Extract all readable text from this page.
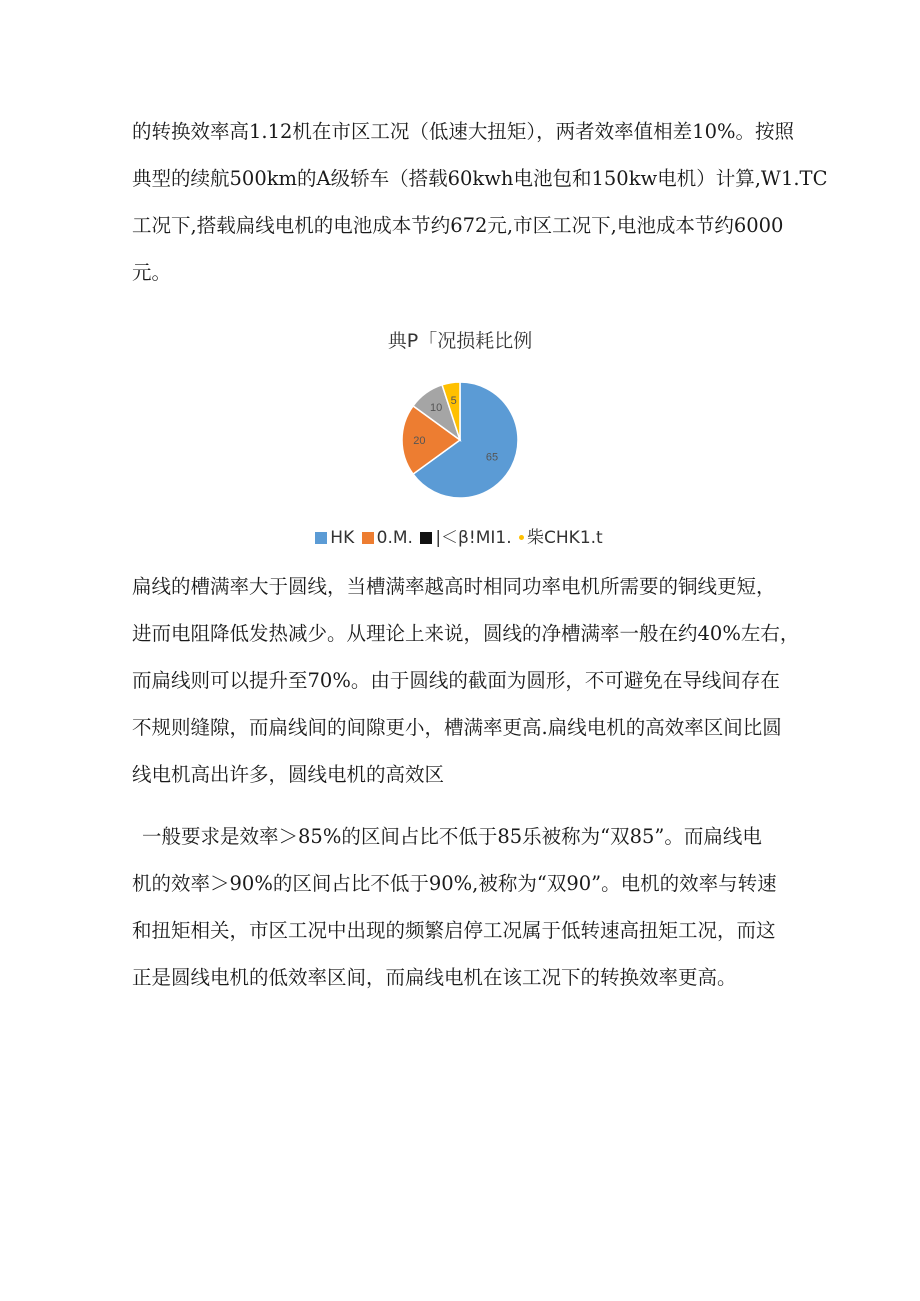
的转换效率高1.12机在市区工况（低速大扭矩），两者效率值相差10%。按照
典型的续航500km的A级轿车（搭载60kwh电池包和150kw电机）计算,W1.TC
工况下,搭载扁线电机的电池成本节约672元,市区工况下,电池成本节约6000
元。
典P「况损耗比例
65
20
10
5
HK 0.M. |＜β!MI1. 柴CHK1.t
扁线的槽满率大于圆线，当槽满率越高时相同功率电机所需要的铜线更短，
进而电阻降低发热减少。从理论上来说，圆线的净槽满率一般在约40%左右，
而扁线则可以提升至70%。由于圆线的截面为圆形，不可避免在导线间存在
不规则缝隙，而扁线间的间隙更小，槽满率更高.扁线电机的高效率区间比圆
线电机高出许多，圆线电机的高效区
一般要求是效率＞85%的区间占比不低于85乐被称为“双85”。而扁线电
机的效率＞90%的区间占比不低于90%,被称为“双90”。电机的效率与转速
和扭矩相关，市区工况中出现的频繁启停工况属于低转速高扭矩工况，而这
正是圆线电机的低效率区间，而扁线电机在该工况下的转换效率更高。
